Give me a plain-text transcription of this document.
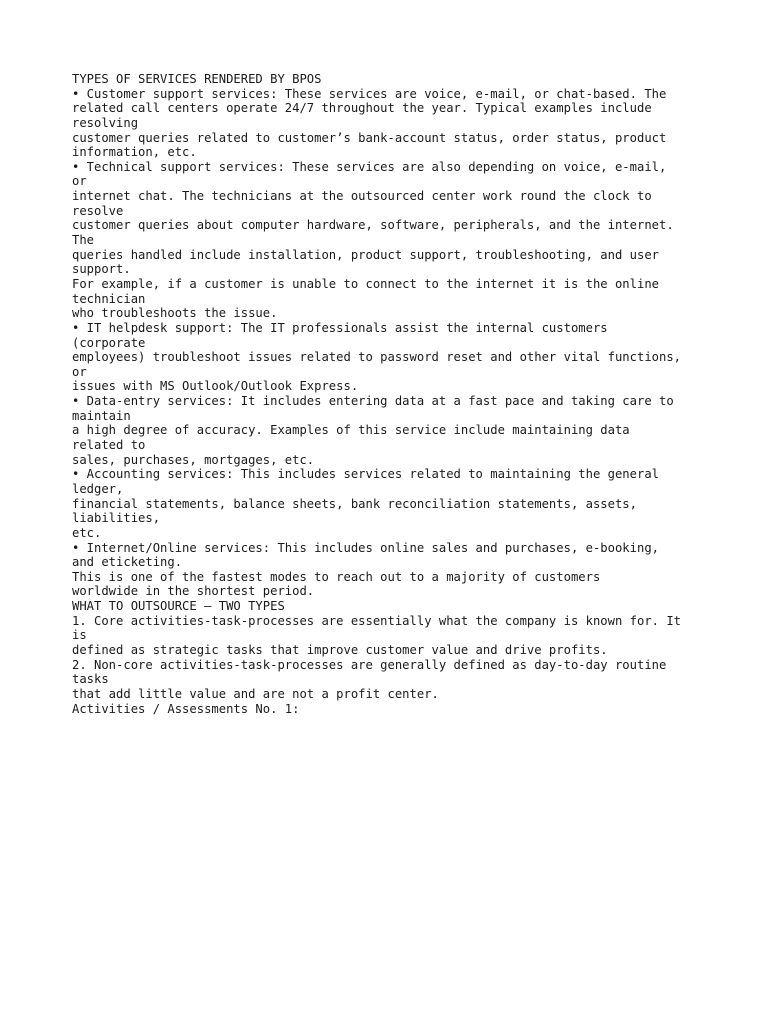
TYPES OF SERVICES RENDERED BY BPOS
• Customer support services: These services are voice, e-mail, or chat-based. The
related call centers operate 24/7 throughout the year. Typical examples include
resolving
customer queries related to customer’s bank-account status, order status, product
information, etc.
• Technical support services: These services are also depending on voice, e-mail,
or
internet chat. The technicians at the outsourced center work round the clock to
resolve
customer queries about computer hardware, software, peripherals, and the internet.
The
queries handled include installation, product support, troubleshooting, and user
support.
For example, if a customer is unable to connect to the internet it is the online
technician
who troubleshoots the issue.
• IT helpdesk support: The IT professionals assist the internal customers
(corporate
employees) troubleshoot issues related to password reset and other vital functions,
or
issues with MS Outlook/Outlook Express.
• Data-entry services: It includes entering data at a fast pace and taking care to
maintain
a high degree of accuracy. Examples of this service include maintaining data
related to
sales, purchases, mortgages, etc.
• Accounting services: This includes services related to maintaining the general
ledger,
financial statements, balance sheets, bank reconciliation statements, assets,
liabilities,
etc.
• Internet/Online services: This includes online sales and purchases, e-booking,
and eticketing.
This is one of the fastest modes to reach out to a majority of customers
worldwide in the shortest period.
WHAT TO OUTSOURCE – TWO TYPES
1. Core activities-task-processes are essentially what the company is known for. It
is
defined as strategic tasks that improve customer value and drive profits.
2. Non-core activities-task-processes are generally defined as day-to-day routine
tasks
that add little value and are not a profit center.
Activities / Assessments No. 1:
